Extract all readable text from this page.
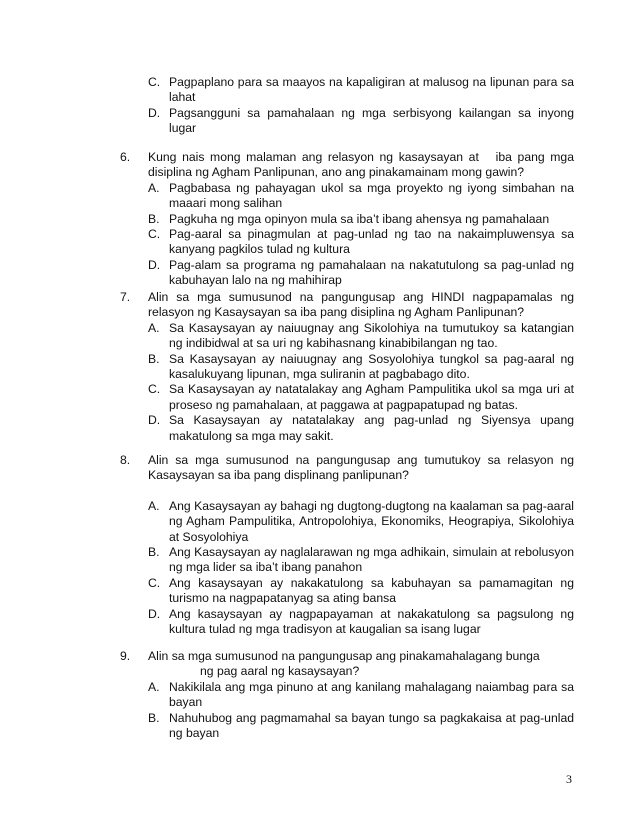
C. Pagpaplano para sa maayos na kapaligiran at malusog na lipunan para sa lahat
D. Pagsangguni sa pamahalaan ng mga serbisyong kailangan sa inyong lugar
6.	Kung nais mong malaman ang relasyon ng kasaysayan at   iba pang mga disiplina ng Agham Panlipunan, ano ang pinakamainam mong gawin?
A. Pagbabasa ng pahayagan ukol sa mga proyekto ng iyong simbahan na maaari mong salihan
B. Pagkuha ng mga opinyon mula sa iba’t ibang ahensya ng pamahalaan
C. Pag-aaral sa pinagmulan at pag-unlad ng tao na nakaimpluwensya sa kanyang pagkilos tulad ng kultura
D. Pag-alam sa programa ng pamahalaan na nakatutulong sa pag-unlad ng kabuhayan lalo na ng mahihirap
7.	Alin sa mga sumusunod na pangungusap ang HINDI nagpapamalas ng relasyon ng Kasaysayan sa iba pang disiplina ng Agham Panlipunan?
A. Sa Kasaysayan ay naiuugnay ang Sikolohiya na tumutukoy sa katangian ng indibidwal at sa uri ng kabihasnang kinabibilangan ng tao.
B. Sa Kasaysayan ay naiuugnay ang Sosyolohiya tungkol sa pag-aaral ng kasalukuyang lipunan, mga suliranin at pagbabago dito.
C. Sa Kasaysayan ay natatalakay ang Agham Pampulitika ukol sa mga uri at proseso ng pamahalaan, at paggawa at pagpapatupad ng batas.
D. Sa Kasaysayan ay natatalakay ang pag-unlad ng Siyensya upang makatulong sa mga may sakit.
8.	Alin sa mga sumusunod na pangungusap ang tumutukoy sa relasyon ng Kasaysayan sa iba pang displinang panlipunan?
A. Ang Kasaysayan ay bahagi ng dugtong-dugtong na kaalaman sa pag-aaral ng Agham Pampulitika, Antropolohiya, Ekonomiks, Heograpiya, Sikolohiya at Sosyolohiya
B. Ang Kasaysayan ay naglalarawan ng mga adhikain, simulain at rebolusyon ng mga lider sa iba’t ibang panahon
C. Ang kasaysayan ay nakakatulong sa kabuhayan sa pamamagitan ng turismo na nagpapatanyag sa ating bansa
D. Ang kasaysayan ay nagpapayaman at nakakatulong sa pagsulong ng kultura tulad ng mga tradisyon at kaugalian sa isang lugar
9.	Alin sa mga sumusunod na pangungusap ang pinakamahalagang bunga
ng pag aaral ng kasaysayan?
A. Nakikilala ang mga pinuno at ang kanilang mahalagang naiambag para sa bayan
B. Nahuhubog ang pagmamahal sa bayan tungo sa pagkakaisa at pag-unlad ng bayan
3
